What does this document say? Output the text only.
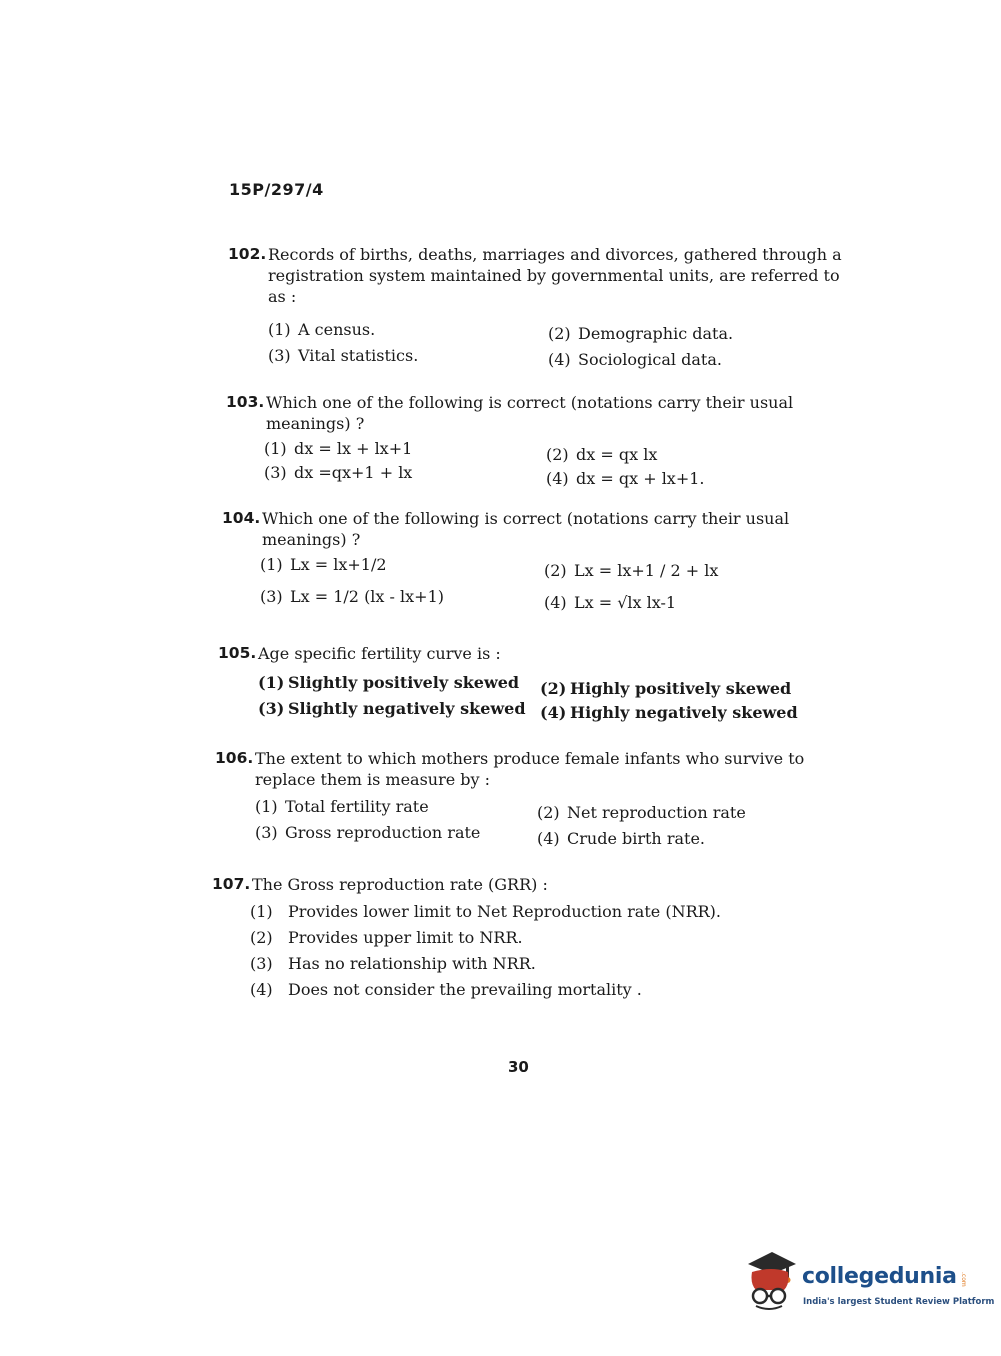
15P/297/4
102. Records of births, deaths, marriages and divorces, gathered through a registration system maintained by governmental units, are referred to as :
(1) A census.	(2) Demographic data.
(3) Vital statistics.	(4) Sociological data.
103. Which one of the following is correct (notations carry their usual meanings) ?
(1) dx = lx + lx+1	(2) dx = qx lx
(3) dx =qx+1 + lx	(4) dx = qx + lx+1.
104. Which one of the following is correct (notations carry their usual meanings) ?
(1) Lx = lx+1/2	(2) Lx = lx+1 / 2 + lx
(3) Lx = 1/2 (lx - lx+1)	(4) Lx = √lx lx-1
105. Age specific fertility curve is :
(1) Slightly positively skewed (2) Highly positively skewed
(3) Slightly negatively skewed (4) Highly negatively skewed
106. The extent to which mothers produce female infants who survive to replace them is measure by :
(1) Total fertility rate	(2) Net reproduction rate
(3) Gross reproduction rate	(4) Crude birth rate.
107. The Gross reproduction rate (GRR) :
(1) Provides lower limit to Net Reproduction rate (NRR).
(2) Provides upper limit to NRR.
(3) Has no relationship with NRR.
(4) Does not consider the prevailing mortality .
30
collegedunia .com
India's largest Student Review Platform
